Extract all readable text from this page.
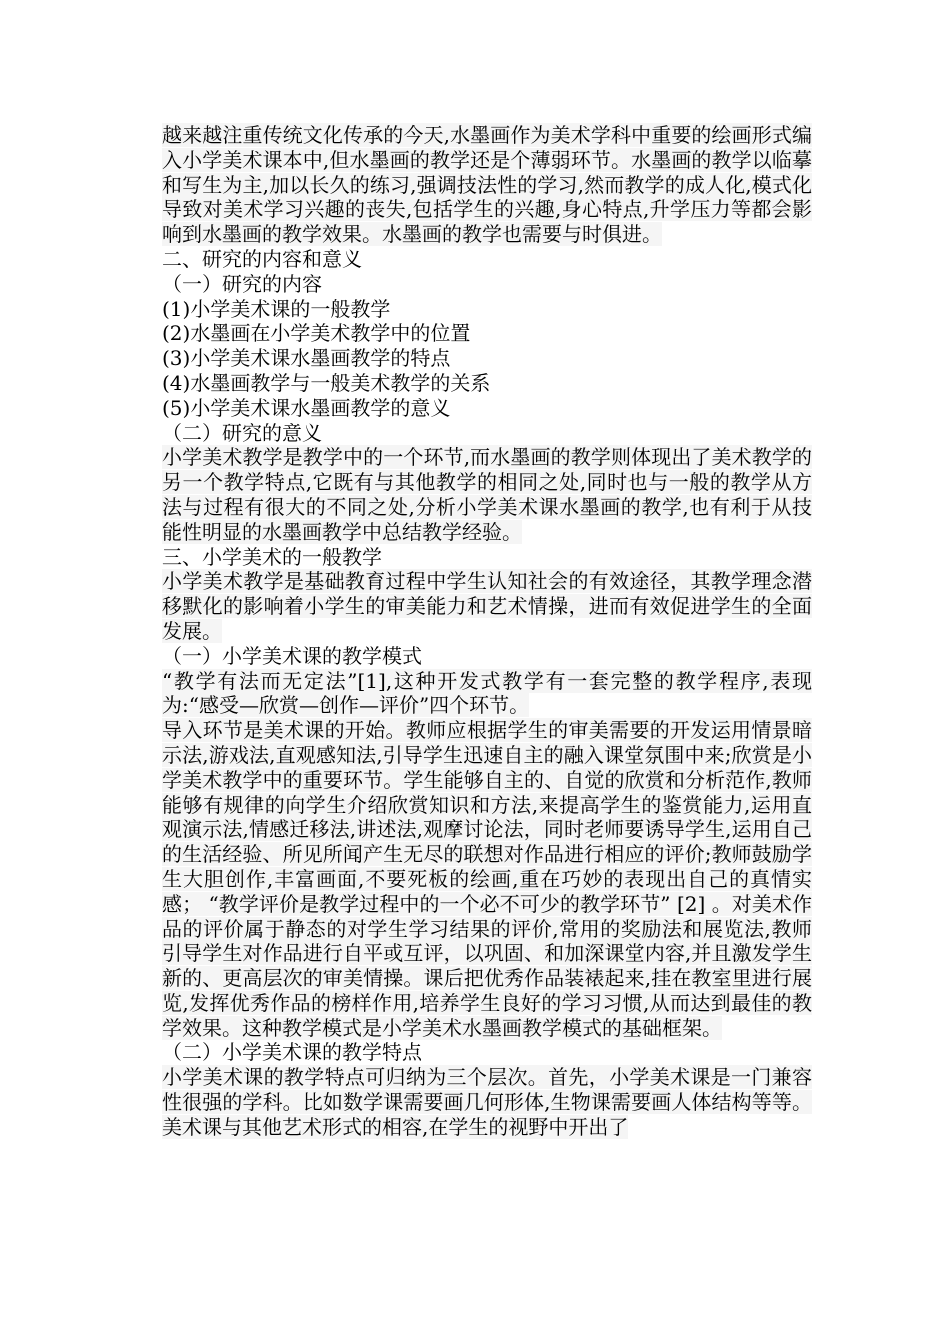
越来越注重传统文化传承的今天,水墨画作为美术学科中重要的绘画形式编入小学美术课本中,但水墨画的教学还是个薄弱环节。水墨画的教学以临摹和写生为主,加以长久的练习,强调技法性的学习,然而教学的成人化,模式化导致对美术学习兴趣的丧失,包括学生的兴趣,身心特点,升学压力等都会影响到水墨画的教学效果。水墨画的教学也需要与时俱进。

二、研究的内容和意义

（一）研究的内容

(1)小学美术课的一般教学

(2)水墨画在小学美术教学中的位置

(3)小学美术课水墨画教学的特点

(4)水墨画教学与一般美术教学的关系

(5)小学美术课水墨画教学的意义

（二）研究的意义

小学美术教学是教学中的一个环节,而水墨画的教学则体现出了美术教学的另一个教学特点,它既有与其他教学的相同之处,同时也与一般的教学从方法与过程有很大的不同之处,分析小学美术课水墨画的教学,也有利于从技能性明显的水墨画教学中总结教学经验。

三、小学美术的一般教学

小学美术教学是基础教育过程中学生认知社会的有效途径，其教学理念潜移默化的影响着小学生的审美能力和艺术情操，进而有效促进学生的全面发展。

（一）小学美术课的教学模式

“教学有法而无定法”[1],这种开发式教学有一套完整的教学程序,表现为:“感受—欣赏—创作—评价”四个环节。

导入环节是美术课的开始。教师应根据学生的审美需要的开发运用情景暗示法,游戏法,直观感知法,引导学生迅速自主的融入课堂氛围中来;欣赏是小学美术教学中的重要环节。学生能够自主的、自觉的欣赏和分析范作,教师能够有规律的向学生介绍欣赏知识和方法,来提高学生的鉴赏能力,运用直观演示法,情感迁移法,讲述法,观摩讨论法，同时老师要诱导学生,运用自己的生活经验、所见所闻产生无尽的联想对作品进行相应的评价;教师鼓励学生大胆创作,丰富画面,不要死板的绘画,重在巧妙的表现出自己的真情实感； “教学评价是教学过程中的一个必不可少的教学环节” [2] 。对美术作品的评价属于静态的对学生学习结果的评价,常用的奖励法和展览法,教师引导学生对作品进行自平或互评，以巩固、和加深课堂内容,并且激发学生新的、更高层次的审美情操。课后把优秀作品装裱起来,挂在教室里进行展览,发挥优秀作品的榜样作用,培养学生良好的学习习惯,从而达到最佳的教学效果。这种教学模式是小学美术水墨画教学模式的基础框架。

（二）小学美术课的教学特点

小学美术课的教学特点可归纳为三个层次。首先，小学美术课是一门兼容性很强的学科。比如数学课需要画几何形体,生物课需要画人体结构等等。美术课与其他艺术形式的相容,在学生的视野中开出了
